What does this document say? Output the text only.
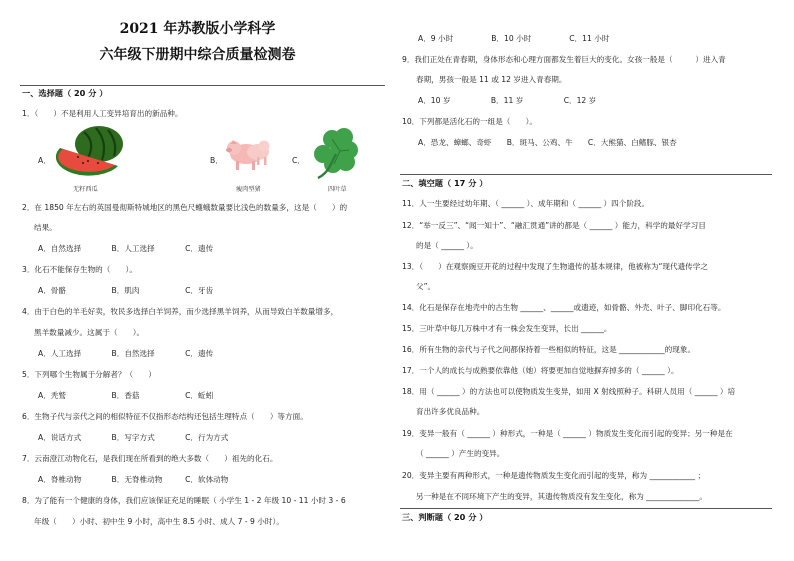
2021 年苏教版小学科学
六年级下册期中综合质量检测卷
一、选择题（ 20 分 ）
1．（　　）不是利用人工变异培育出的新品种。
A．
无籽西瓜
B．
瘦肉型猪
C．
四叶草
2．在 1850 年左右的英国曼彻斯特城地区的黑色尺蠖蛾数量要比浅色的数量多，这是（　　）的
结果。
A．自然选择　　　　B．人工选择　　　　C．遗传
3．化石不能保存生物的（　　）。
A．骨骼　　　　　　B．肌肉　　　　　　C．牙齿
4．由于白色的羊毛好卖，牧民多选择白羊饲养，而少选择黑羊饲养，从而导致白羊数量增多，
黑羊数量减少。这属于（　　）。
A．人工选择　　　　B．自然选择　　　　C．遗传
5．下列哪个生物属于分解者？（　　）
A．秃鹫　　　　　　B．香菇　　　　　　C．蚯蚓
6．生物子代与亲代之间的相似特征不仅指形态结构还包括生理特点（　　）等方面。
A．说话方式　　　　B．写字方式　　　　C．行为方式
7．云南澄江动物化石，是我们现在所看到的绝大多数（　　）祖先的化石。
A．脊椎动物　　　　B．无脊椎动物　　　C．软体动物
8．为了能有一个健康的身体，我们应该保证充足的睡眠（ 小学生 1 - 2 年级 10 - 11 小时 3 - 6
年级（　　）小时、初中生 9 小时，高中生 8.5 小时、成人 7 - 9 小时）。
A．9 小时　　　　　B．10 小时　　　　　C．11 小时
9．我们正处在青春期，身体形态和心理方面都发生着巨大的变化。女孩一般是（　　　）进入青
春期，男孩一般是 11 或 12 岁进入青春期。
A．10 岁　　　　　 B．11 岁　　　　　 C．12 岁
10．下列都是活化石的一组是（　　）。
A．恐龙、蟑螂、奇虾　　B．斑马、公鸡、牛　　C．大熊猫、白鳍豚、银杏
二、填空题（ 17 分 ）
11．人一生要经过幼年期、（ ______ ）、成年期和（ ______ ）四个阶段。
12．“举一反三”、“闻一知十”、“融汇贯通”讲的都是（ ______ ）能力，科学的最好学习目
的是（ ______ ）。
13．（　　）在观察豌豆开花的过程中发现了生物遗传的基本规律，他被称为“现代遗传学之
父”。
14．化石是保存在地壳中的古生物 ______、______或遗迹，如骨骼、外壳、叶子、脚印化石等。
15．三叶草中每几万株中才有一株会发生变异，长出 ______。
16．所有生物的亲代与子代之间都保持着一些相似的特征，这是 ____________的现象。
17．一个人的成长与成熟要依靠他（她）将要更加自觉地摒弃掉多的（ ______ ）。
18．用（ ______ ）的方法也可以使物质发生变异，如用 X 射线照种子。科研人员用（ ______ ）培
育出许多优良品种。
19．变异一般有（ ______ ）种形式，一种是（ ______ ）物质发生变化而引起的变异；另一种是在
（ ______ ）产生的变异。
20．变异主要有两种形式，一种是遗传物质发生变化而引起的变异，称为 ____________ ；
另一种是在不同环境下产生的变异，其遗传物质没有发生变化，称为 ______________。
三、判断题（ 20 分 ）
